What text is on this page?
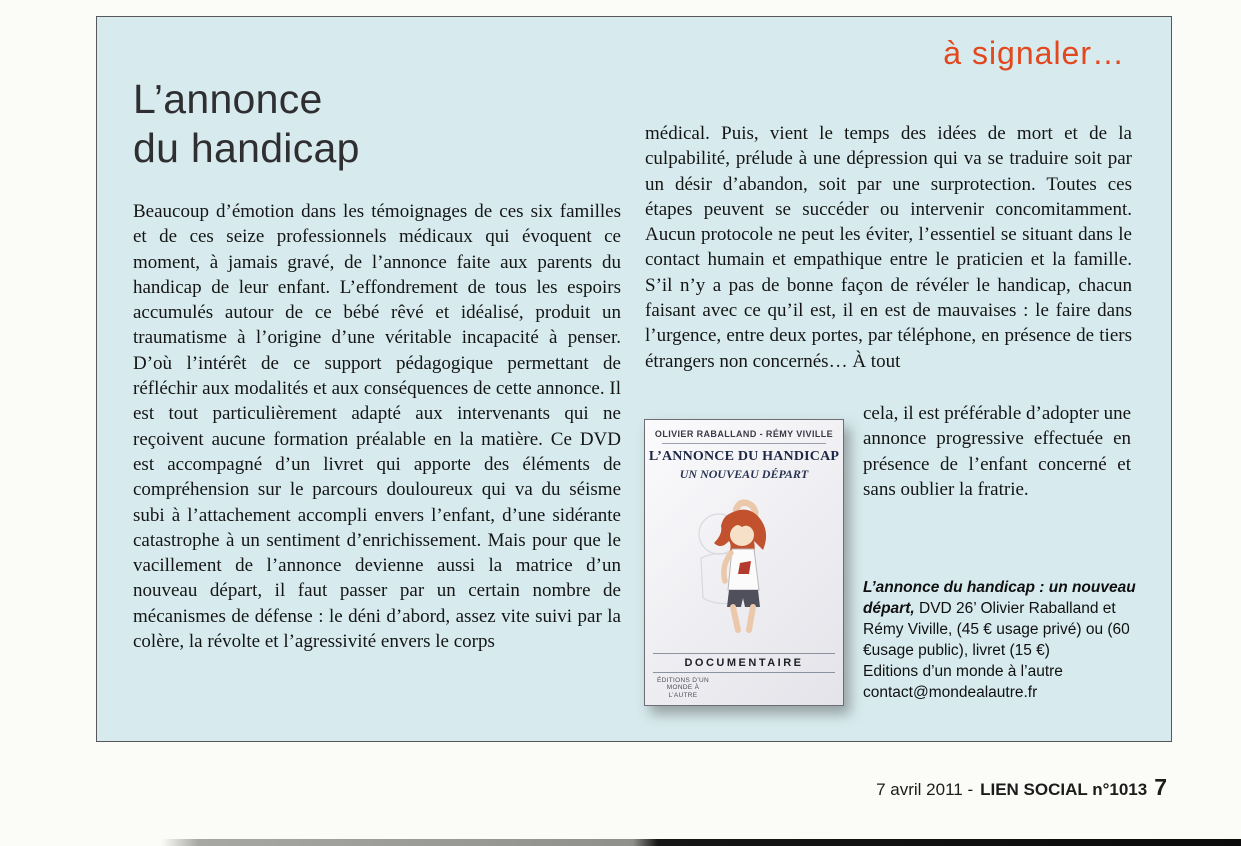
à signaler…
L’annonce
du handicap
Beaucoup d’émotion dans les témoignages de ces six familles et de ces seize professionnels médicaux qui évoquent ce moment, à jamais gravé, de l’annonce faite aux parents du handicap de leur enfant. L’effondrement de tous les espoirs accumulés autour de ce bébé rêvé et idéalisé, produit un traumatisme à l’origine d’une véritable incapacité à penser. D’où l’intérêt de ce support pédagogique permettant de réfléchir aux modalités et aux conséquences de cette annonce. Il est tout particulièrement adapté aux intervenants qui ne reçoivent aucune formation préalable en la matière. Ce DVD est accompagné d’un livret qui apporte des éléments de compréhension sur le parcours douloureux qui va du séisme subi à l’attachement accompli envers l’enfant, d’une sidérante catastrophe à un sentiment d’enrichissement. Mais pour que le vacillement de l’annonce devienne aussi la matrice d’un nouveau départ, il faut passer par un certain nombre de mécanismes de défense : le déni d’abord, assez vite suivi par la colère, la révolte et l’agressivité envers le corps
médical. Puis, vient le temps des idées de mort et de la culpabilité, prélude à une dépression qui va se traduire soit par un désir d’abandon, soit par une surprotection. Toutes ces étapes peuvent se succéder ou intervenir concomitamment. Aucun protocole ne peut les éviter, l’essentiel se situant dans le contact humain et empathique entre le praticien et la famille. S’il n’y a pas de bonne façon de révéler le handicap, chacun faisant avec ce qu’il est, il en est de mauvaises : le faire dans l’urgence, entre deux portes, par téléphone, en présence de tiers étrangers non concernés… À tout
cela, il est préférable d’adopter une annonce progressive effectuée en présence de l’enfant concerné et sans oublier la fratrie.
OLIVIER RABALLAND - RÉMY VIVILLE
L’ANNONCE DU HANDICAP
UN NOUVEAU DÉPART
DOCUMENTAIRE
ÉDITIONS D’UN MONDE À L’AUTRE

L’annonce du handicap : un nouveau départ, DVD 26’ Olivier Raballand et Rémy Viville, (45 € usage privé) ou (60 €usage public), livret (15 €)

Editions d’un monde à l’autre

contact@mondealautre.fr

7 avril 2011 - LIEN SOCIAL n°1013 7
